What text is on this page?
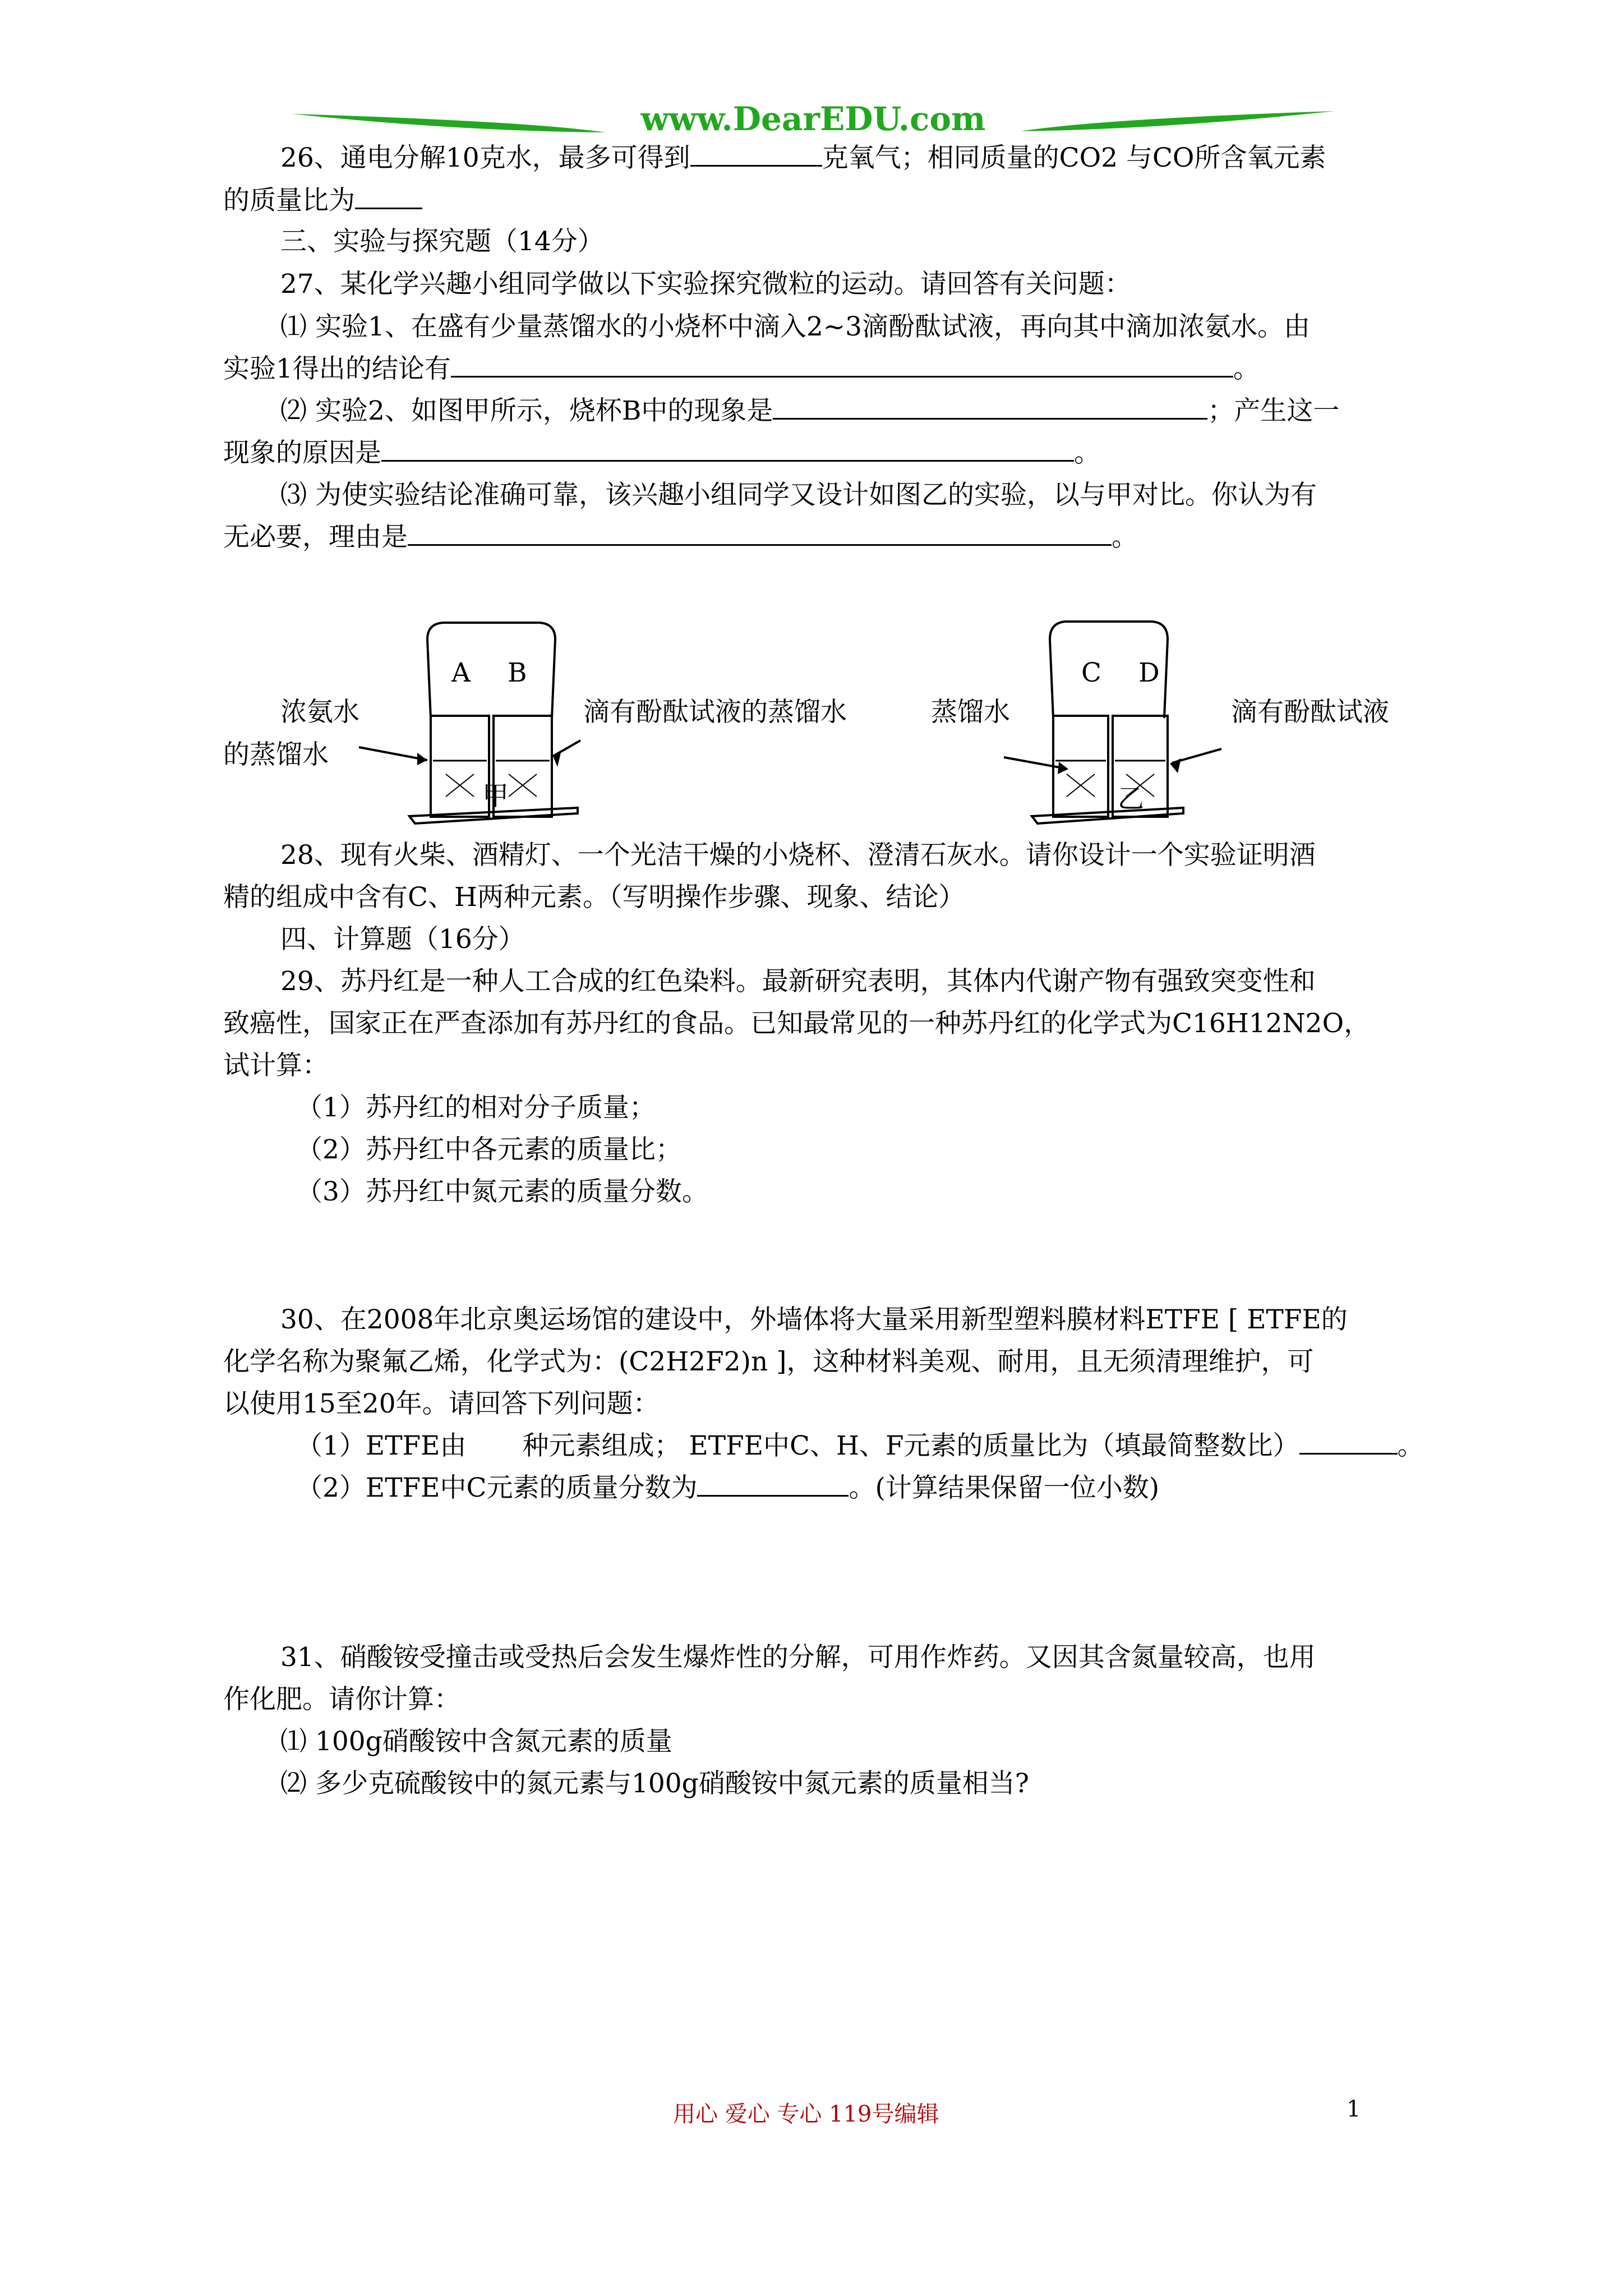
www.DearEDU.com
26、通电分解10克水，最多可得到	克氧气；相同质量的CO2 与CO所含氧元素
的质量比为
三、实验与探究题（14分）
27、某化学兴趣小组同学做以下实验探究微粒的运动。请回答有关问题：
⑴ 实验1、在盛有少量蒸馏水的小烧杯中滴入2~3滴酚酞试液，再向其中滴加浓氨水。由
实验1得出的结论有	。
⑵ 实验2、如图甲所示，烧杯B中的现象是	；产生这一
现象的原因是	。
⑶ 为使实验结论准确可靠，该兴趣小组同学又设计如图乙的实验，以与甲对比。你认为有
无必要，理由是	。
A B
浓氨水
的蒸馏水
滴有酚酞试液的蒸馏水
甲
C D
蒸馏水	滴有酚酞试液
乙
28、现有火柴、酒精灯、一个光洁干燥的小烧杯、澄清石灰水。请你设计一个实验证明酒
精的组成中含有C、H两种元素。（写明操作步骤、现象、结论）
四、计算题（16分）
29、苏丹红是一种人工合成的红色染料。最新研究表明，其体内代谢产物有强致突变性和
致癌性，国家正在严查添加有苏丹红的食品。已知最常见的一种苏丹红的化学式为C16H12N2O，
试计算：
（1）苏丹红的相对分子质量；
（2）苏丹红中各元素的质量比；
（3）苏丹红中氮元素的质量分数。
30、在2008年北京奥运场馆的建设中，外墙体将大量采用新型塑料膜材料ETFE [ ETFE的
化学名称为聚氟乙烯，化学式为：(C2H2F2)n ]，这种材料美观、耐用，且无须清理维护，可
以使用15至20年。请回答下列问题：
（1）ETFE由 种元素组成； ETFE中C、H、F元素的质量比为（填最简整数比）	。
（2）ETFE中C元素的质量分数为	。(计算结果保留一位小数)
31、硝酸铵受撞击或受热后会发生爆炸性的分解，可用作炸药。又因其含氮量较高，也用
作化肥。请你计算：
⑴ 100g硝酸铵中含氮元素的质量
⑵ 多少克硫酸铵中的氮元素与100g硝酸铵中氮元素的质量相当?
用心 爱心 专心 119号编辑	1
